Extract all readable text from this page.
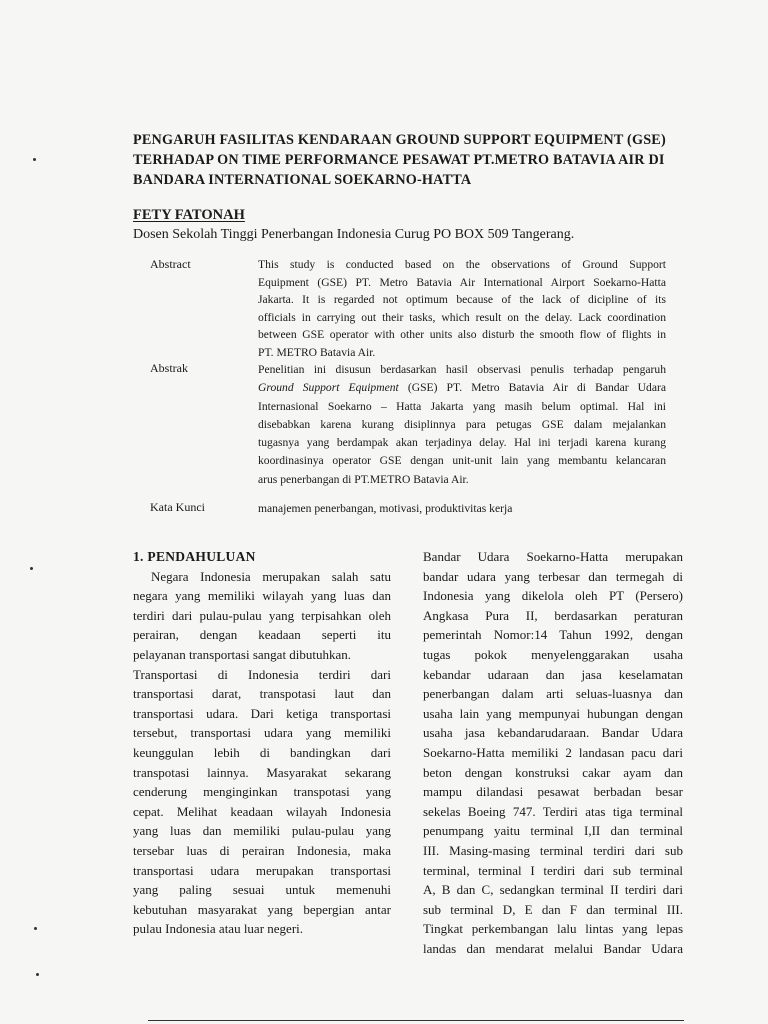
PENGARUH FASILITAS KENDARAAN GROUND SUPPORT EQUIPMENT (GSE)
TERHADAP ON TIME PERFORMANCE PESAWAT PT.METRO BATAVIA AIR DI
BANDARA INTERNATIONAL SOEKARNO-HATTA
FETY FATONAH
Dosen Sekolah Tinggi Penerbangan Indonesia Curug PO BOX 509 Tangerang.
Abstract	This study is conducted based on the observations of Ground Support
Equipment (GSE) PT. Metro Batavia Air International Airport Soekarno-Hatta
Jakarta. It is regarded not optimum because of the lack of dicipline of its
officials in carrying out their tasks, which result on the delay. Lack coordination
between GSE operator with other units also disturb the smooth flow of flights in
PT. METRO Batavia Air.
Abstrak	Penelitian ini disusun berdasarkan hasil observasi penulis terhadap pengaruh
Ground Support Equipment (GSE) PT. Metro Batavia Air di Bandar Udara
Internasional Soekarno – Hatta Jakarta yang masih belum optimal. Hal ini
disebabkan karena kurang disiplinnya para petugas GSE dalam mejalankan
tugasnya yang berdampak akan terjadinya delay. Hal ini terjadi karena kurang
koordinasinya operator GSE dengan unit-unit lain yang membantu kelancaran
arus penerbangan di PT.METRO Batavia Air.
Kata Kunci	manajemen penerbangan, motivasi, produktivitas kerja
1. PENDAHULUAN
Negara Indonesia merupakan salah satu
negara yang memiliki wilayah yang luas dan
terdiri dari pulau-pulau yang terpisahkan oleh
perairan, dengan keadaan seperti itu
pelayanan transportasi sangat dibutuhkan.
Transportasi di Indonesia terdiri dari
transportasi darat, transpotasi laut dan
transportasi udara. Dari ketiga transportasi
tersebut, transportasi udara yang memiliki
keunggulan lebih di bandingkan dari
transpotasi lainnya. Masyarakat sekarang
cenderung menginginkan transpotasi yang
cepat. Melihat keadaan wilayah Indonesia
yang luas dan memiliki pulau-pulau yang
tersebar luas di perairan Indonesia, maka
transportasi udara merupakan transportasi
yang paling sesuai untuk memenuhi
kebutuhan masyarakat yang bepergian antar
pulau Indonesia atau luar negeri.
Bandar Udara Soekarno-Hatta merupakan
bandar udara yang terbesar dan termegah di
Indonesia yang dikelola oleh PT (Persero)
Angkasa Pura II, berdasarkan peraturan
pemerintah Nomor:14 Tahun 1992, dengan
tugas pokok menyelenggarakan usaha
kebandar udaraan dan jasa keselamatan
penerbangan dalam arti seluas-luasnya dan
usaha lain yang mempunyai hubungan dengan
usaha jasa kebandarudaraan. Bandar Udara
Soekarno-Hatta memiliki 2 landasan pacu dari
beton dengan konstruksi cakar ayam dan
mampu dilandasi pesawat berbadan besar
sekelas Boeing 747. Terdiri atas tiga terminal
penumpang yaitu terminal I,II dan terminal
III. Masing-masing terminal terdiri dari sub
terminal, terminal I terdiri dari sub terminal
A, B dan C, sedangkan terminal II terdiri dari
sub terminal D, E dan F dan terminal III.
Tingkat perkembangan lalu lintas yang lepas
landas dan mendarat melalui Bandar Udara
